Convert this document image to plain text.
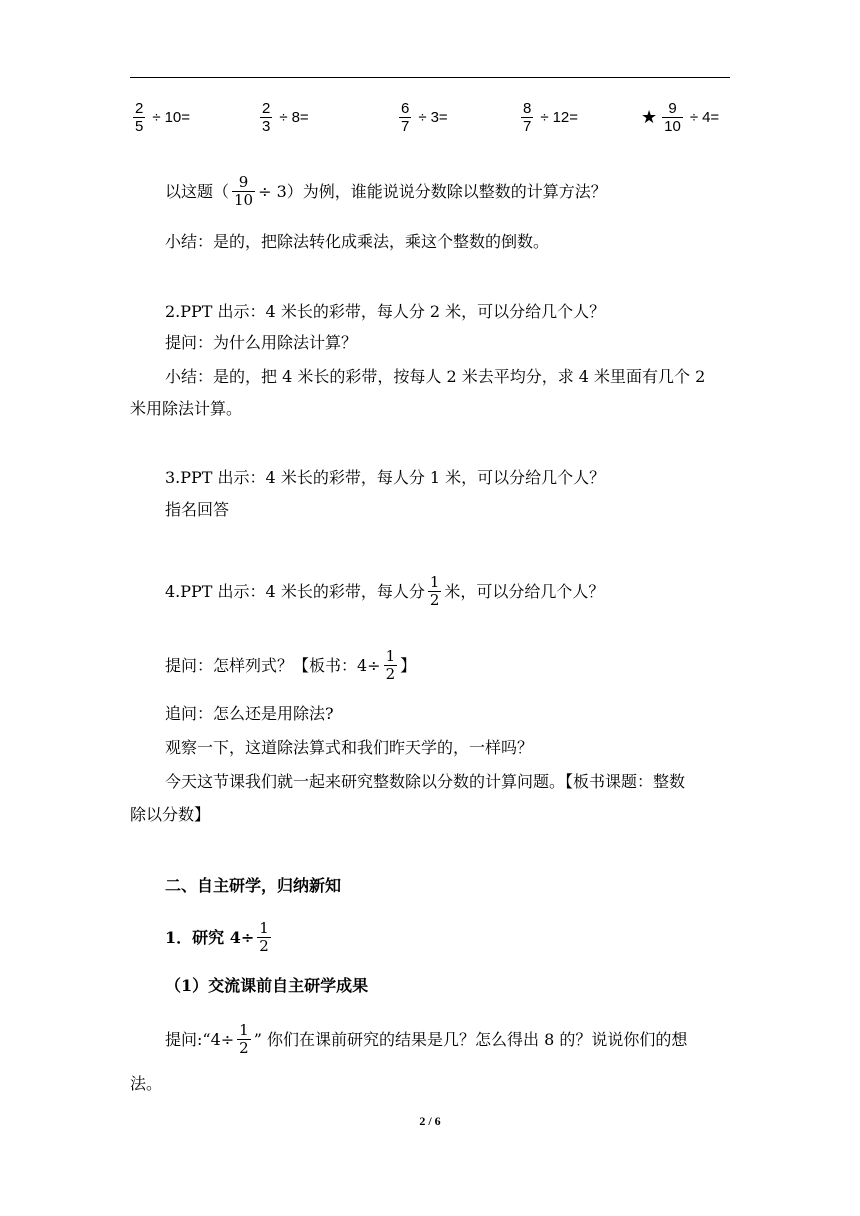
$\frac{2}{5} \div 10=$	$\frac{2}{3} \div 8=$	$\frac{6}{7} \div 3=$	$\frac{8}{7} \div 12=$	★ $\frac{9}{10} \div 4=$
以这题（ $\frac{9}{10} \div 3$）为例，谁能说说分数除以整数的计算方法？
小结：是的，把除法转化成乘法，乘这个整数的倒数。
2.PPT 出示：4 米长的彩带，每人分 2 米，可以分给几个人？
提问：为什么用除法计算？
小结：是的，把 4 米长的彩带，按每人 2 米去平均分，求 4 米里面有几个 2
米用除法计算。
3.PPT 出示：4 米长的彩带，每人分 1 米，可以分给几个人？
指名回答
4.PPT 出示：4 米长的彩带，每人分 $\frac{1}{2}$ 米，可以分给几个人？
提问：怎样列式？【板书：$4\div \frac{1}{2}$ 】
追问：怎么还是用除法?
观察一下，这道除法算式和我们昨天学的，一样吗？
今天这节课我们就一起来研究整数除以分数的计算问题。【板书课题：整数
除以分数】
二、自主研学，归纳新知
1．研究 $4\div \frac{1}{2}$
（1）交流课前自主研学成果
提问:“4÷ $\frac{1}{2}$ ” 你们在课前研究的结果是几？怎么得出 8 的？说说你们的想
法。
2 / 6
